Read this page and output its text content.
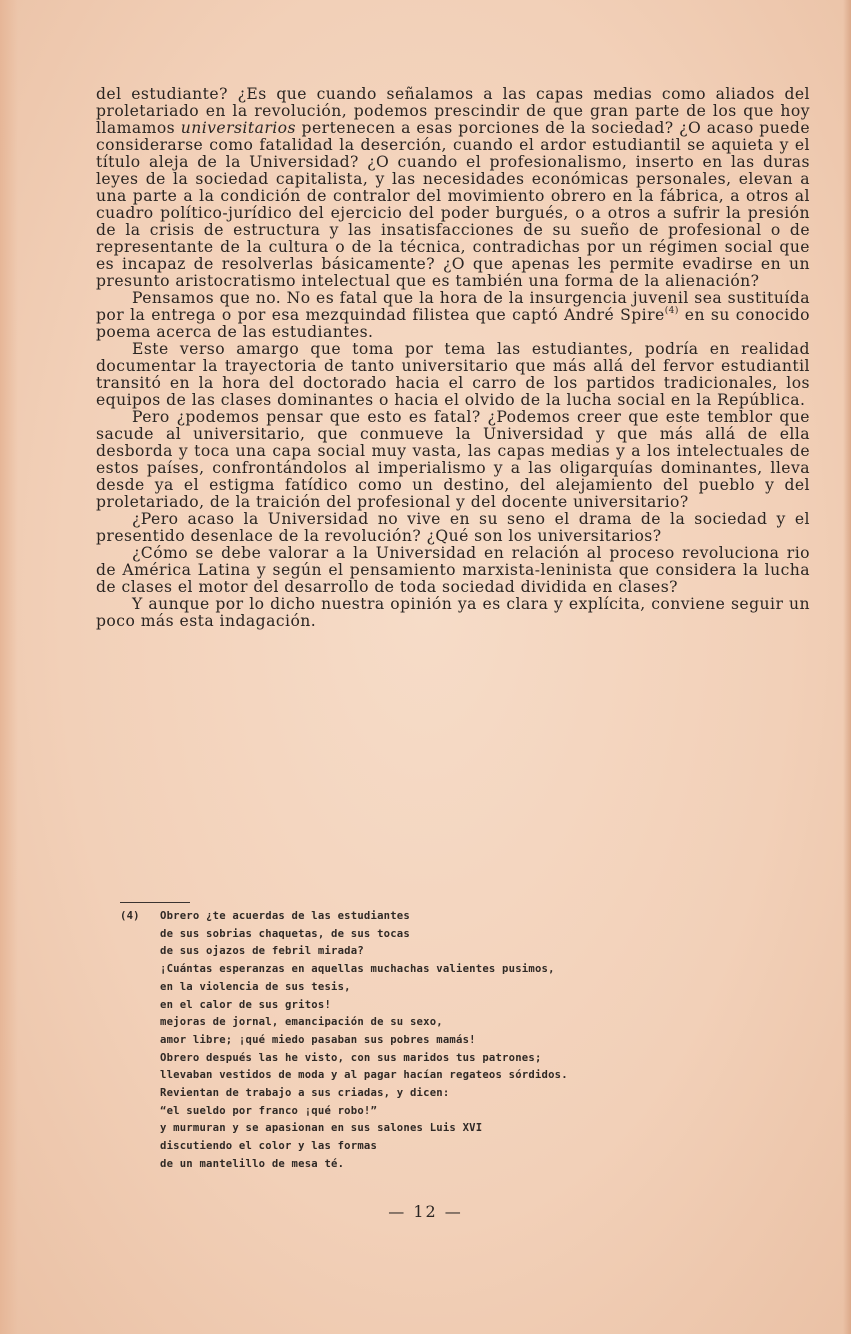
del estudiante? ¿Es que cuando señalamos a las capas medias como aliados del proletariado en la revolución, podemos prescindir de que gran parte de los que hoy llamamos universitarios pertenecen a esas porciones de la sociedad? ¿O acaso puede considerarse como fatalidad la deserción, cuando el ardor estudiantil se aquieta y el título aleja de la Universidad? ¿O cuando el profesionalismo, inserto en las duras leyes de la sociedad capitalista, y las necesidades económicas personales, elevan a una parte a la condición de contralor del movimiento obrero en la fábrica, a otros al cuadro político-jurídico del ejercicio del poder burgués, o a otros a sufrir la presión de la crisis de estructura y las insatisfacciones de su sueño de profesional o de representante de la cultura o de la técnica, contradichas por un régimen social que es incapaz de resolverlas básicamente? ¿O que apenas les permite evadirse en un presunto aristocratismo intelectual que es también una forma de la alienación?

Pensamos que no. No es fatal que la hora de la insurgencia juvenil sea sustituída por la entrega o por esa mezquindad filistea que captó André Spire$^{(4)}$ en su conocido poema acerca de las estudiantes.

Este verso amargo que toma por tema las estudiantes, podría en realidad documentar la trayectoria de tanto universitario que más allá del fervor estudiantil transitó en la hora del doctorado hacia el carro de los partidos tradicionales, los equipos de las clases dominantes o hacia el olvido de la lucha social en la República.

Pero ¿podemos pensar que esto es fatal? ¿Podemos creer que este temblor que sacude al universitario, que conmueve la Universidad y que más allá de ella desborda y toca una capa social muy vasta, las capas medias y a los intelectuales de estos países, confrontándolos al imperialismo y a las oligarquías dominantes, lleva desde ya el estigma fatídico como un destino, del alejamiento del pueblo y del proletariado, de la traición del profesional y del docente universitario?

¿Pero acaso la Universidad no vive en su seno el drama de la sociedad y el presentido desenlace de la revolución? ¿Qué son los universitarios?

¿Cómo se debe valorar a la Universidad en relación al proceso revoluciona rio de América Latina y según el pensamiento marxista-leninista que considera la lucha de clases el motor del desarrollo de toda sociedad dividida en clases?

Y aunque por lo dicho nuestra opinión ya es clara y explícita, conviene seguir un poco más esta indagación.

(4) Obrero ¿te acuerdas de las estudiantes
de sus sobrias chaquetas, de sus tocas
de sus ojazos de febril mirada?
¡Cuántas esperanzas en aquellas muchachas valientes pusimos,
en la violencia de sus tesis,
en el calor de sus gritos!
mejoras de jornal, emancipación de su sexo,
amor libre; ¡qué miedo pasaban sus pobres mamás!
Obrero después las he visto, con sus maridos tus patrones;
llevaban vestidos de moda y al pagar hacían regateos sórdidos.
Revientan de trabajo a sus criadas, y dicen:
“el sueldo por franco ¡qué robo!”
y murmuran y se apasionan en sus salones Luis XVI
discutiendo el color y las formas
de un mantelillo de mesa té.
— 12 —
